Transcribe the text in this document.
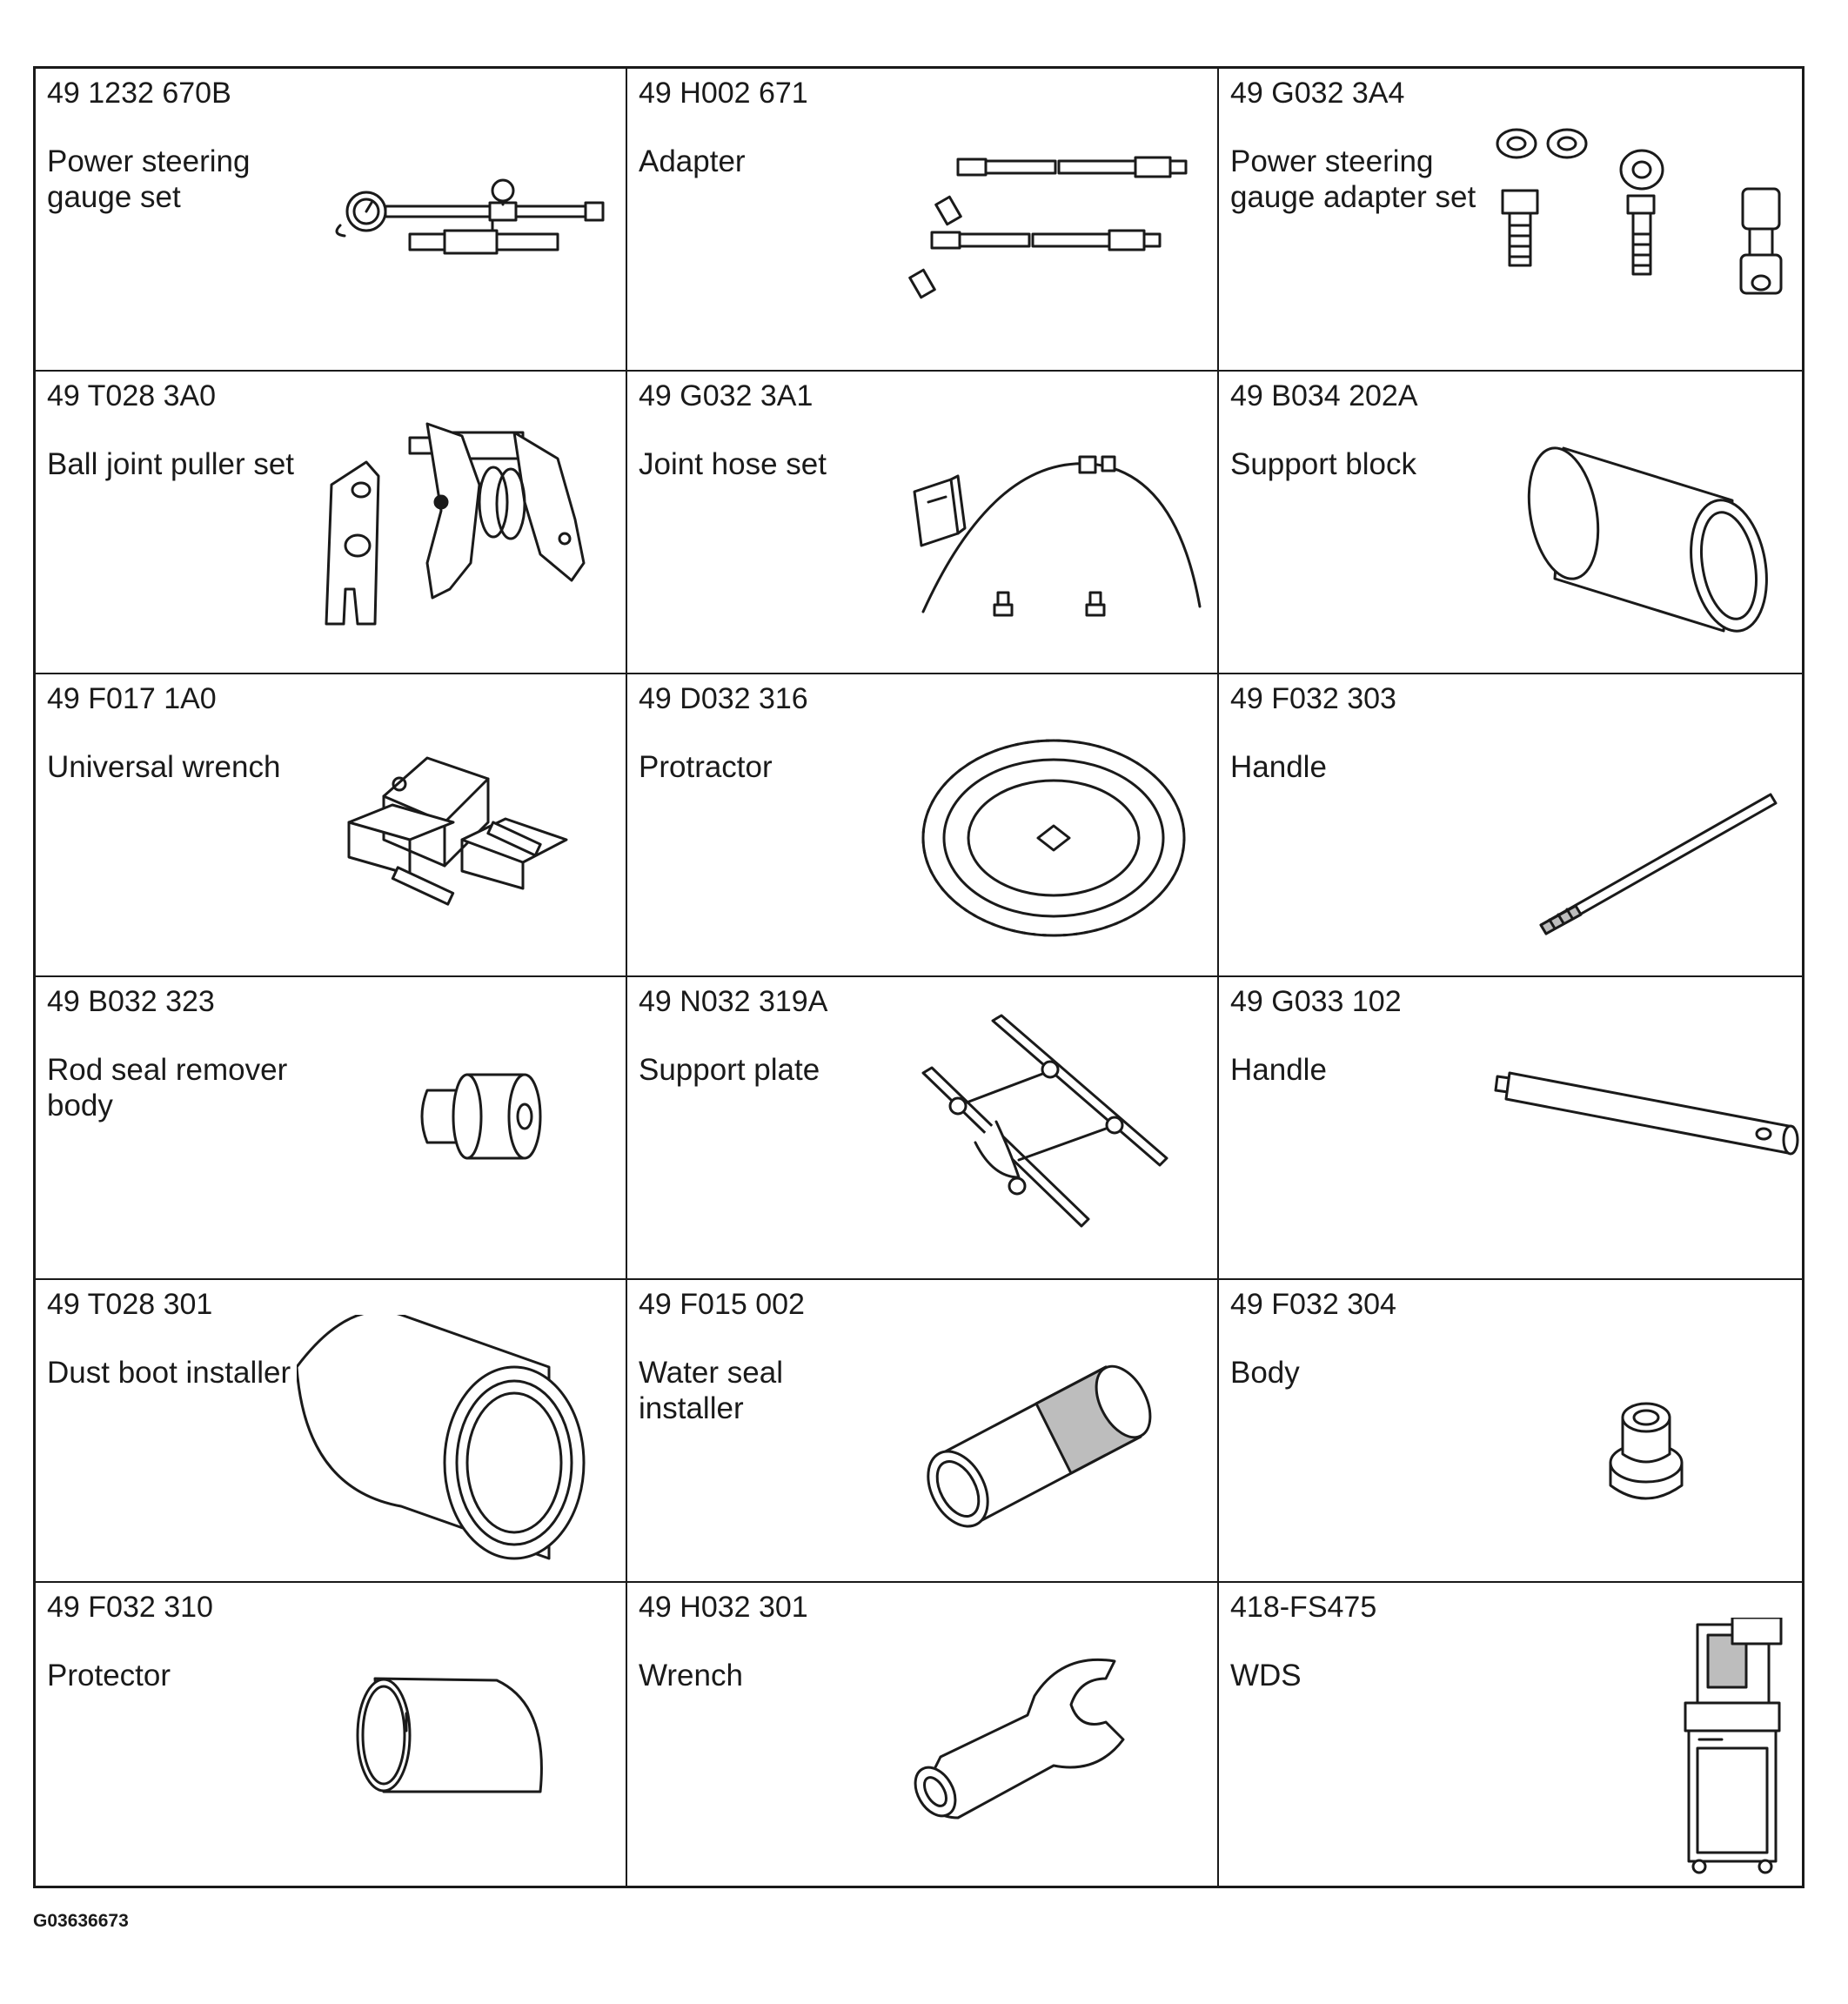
49 1232 670B
Power steering gauge set
49 H002 671
Adapter
49 G032 3A4
Power steering gauge adapter set
49 T028 3A0
Ball joint puller set
49 G032 3A1
Joint hose set
49 B034 202A
Support block
49 F017 1A0
Universal wrench
49 D032 316
Protractor
49 F032 303
Handle
49 B032 323
Rod seal remover body
49 N032 319A
Support plate
49 G033 102
Handle
49 T028 301
Dust boot installer
49 F015 002
Water seal installer
49 F032 304
Body
49 F032 310
Protector
49 H032 301
Wrench
418-FS475
WDS
G03636673
